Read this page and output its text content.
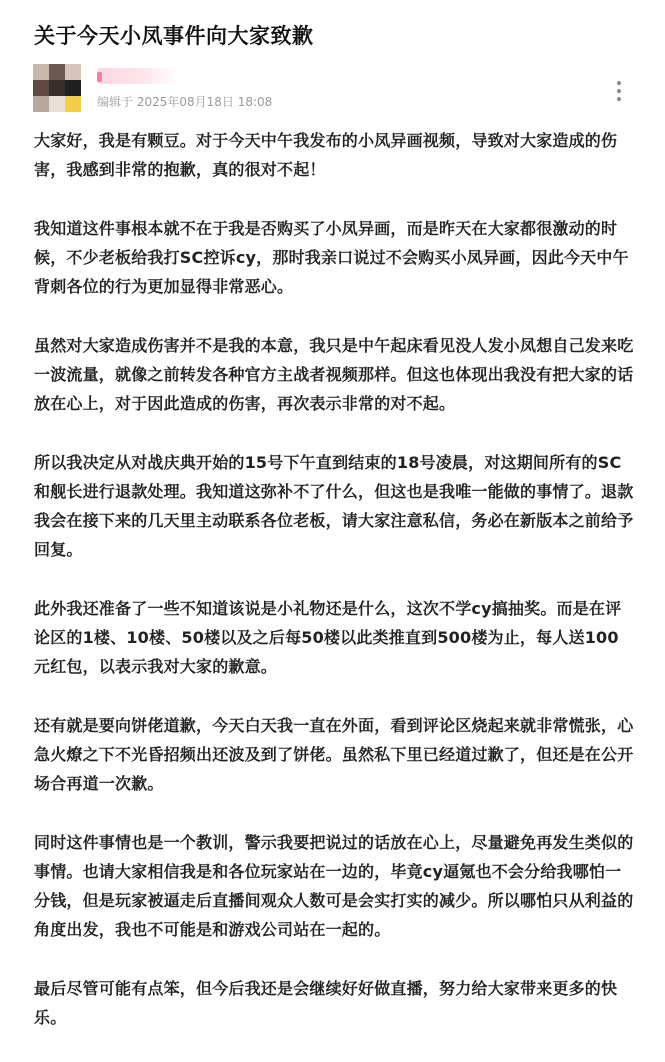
关于今天小凤事件向大家致歉
编辑于 2025年08月18日 18:08

大家好，我是有颗豆。对于今天中午我发布的小凤异画视频，导致对大家造成的伤害，我感到非常的抱歉，真的很对不起！

我知道这件事根本就不在于我是否购买了小凤异画，而是昨天在大家都很激动的时候，不少老板给我打SC控诉cy，那时我亲口说过不会购买小凤异画，因此今天中午背刺各位的行为更加显得非常恶心。

虽然对大家造成伤害并不是我的本意，我只是中午起床看见没人发小凤想自己发来吃一波流量，就像之前转发各种官方主战者视频那样。但这也体现出我没有把大家的话放在心上，对于因此造成的伤害，再次表示非常的对不起。

所以我决定从对战庆典开始的15号下午直到结束的18号凌晨，对这期间所有的SC和舰长进行退款处理。我知道这弥补不了什么，但这也是我唯一能做的事情了。退款我会在接下来的几天里主动联系各位老板，请大家注意私信，务必在新版本之前给予回复。

此外我还准备了一些不知道该说是小礼物还是什么，这次不学cy搞抽奖。而是在评论区的1楼、10楼、50楼以及之后每50楼以此类推直到500楼为止，每人送100元红包，以表示我对大家的歉意。

还有就是要向饼佬道歉，今天白天我一直在外面，看到评论区烧起来就非常慌张，心急火燎之下不光昏招频出还波及到了饼佬。虽然私下里已经道过歉了，但还是在公开场合再道一次歉。

同时这件事情也是一个教训，警示我要把说过的话放在心上，尽量避免再发生类似的事情。也请大家相信我是和各位玩家站在一边的，毕竟cy逼氪也不会分给我哪怕一分钱，但是玩家被逼走后直播间观众人数可是会实打实的减少。所以哪怕只从利益的角度出发，我也不可能是和游戏公司站在一起的。

最后尽管可能有点笨，但今后我还是会继续好好做直播，努力给大家带来更多的快乐。
